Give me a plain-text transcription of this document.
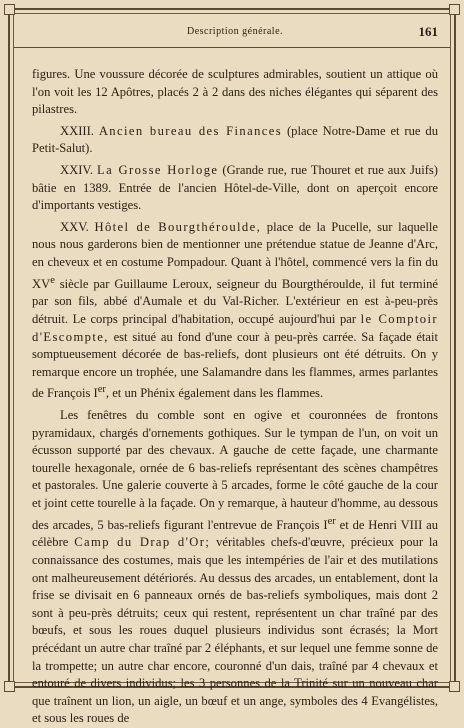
Description générale.	161

figures. Une voussure décorée de sculptures admirables, soutient un attique où l'on voit les 12 Apôtres, placés 2 à 2 dans des niches élégantes qui séparent des pilastres.

XXIII. Ancien bureau des Finances (place Notre-Dame et rue du Petit-Salut).

XXIV. La Grosse Horloge (Grande rue, rue Thouret et rue aux Juifs) bâtie en 1389. Entrée de l'ancien Hôtel-de-Ville, dont on aperçoit encore d'importants vestiges.

XXV. Hôtel de Bourgthéroulde, place de la Pucelle, sur laquelle nous nous garderons bien de mentionner une prétendue statue de Jeanne d'Arc, en cheveux et en costume Pompadour. Quant à l'hôtel, commencé vers la fin du XVe siècle par Guillaume Leroux, seigneur du Bourgthéroulde, il fut terminé par son fils, abbé d'Aumale et du Val-Richer. L'extérieur en est à-peu-près détruit. Le corps principal d'habitation, occupé aujourd'hui par le Comptoir d'Escompte, est situé au fond d'une cour à peu-près carrée. Sa façade était somptueusement décorée de bas-reliefs, dont plusieurs ont été détruits. On y remarque encore un trophée, une Salamandre dans les flammes, armes parlantes de François Ier, et un Phénix également dans les flammes.

Les fenêtres du comble sont en ogive et couronnées de frontons pyramidaux, chargés d'ornements gothiques. Sur le tympan de l'un, on voit un écusson supporté par des chevaux. A gauche de cette façade, une charmante tourelle hexagonale, ornée de 6 bas-reliefs représentant des scènes champêtres et pastorales. Une galerie couverte à 5 arcades, forme le côté gauche de la cour et joint cette tourelle à la façade. On y remarque, à hauteur d'homme, au dessous des arcades, 5 bas-reliefs figurant l'entrevue de François Ier et de Henri VIII au célèbre Camp du Drap d'Or; véritables chefs-d'œuvre, précieux pour la connaissance des costumes, mais que les intempéries de l'air et des mutilations ont malheureusement détériorés. Au dessus des arcades, un entablement, dont la frise se divisait en 6 panneaux ornés de bas-reliefs symboliques, mais dont 2 sont à peu-près détruits; ceux qui restent, représentent un char traîné par des bœufs, et sous les roues duquel plusieurs individus sont écrasés; la Mort précédant un autre char traîné par 2 éléphants, et sur lequel une femme sonne de la trompette; un autre char encore, couronné d'un dais, traîné par 4 chevaux et entouré de divers individus; les 3 personnes de la Trinité sur un nouveau char que traînent un lion, un aigle, un bœuf et un ange, symboles des 4 Evangélistes, et sous les roues de
